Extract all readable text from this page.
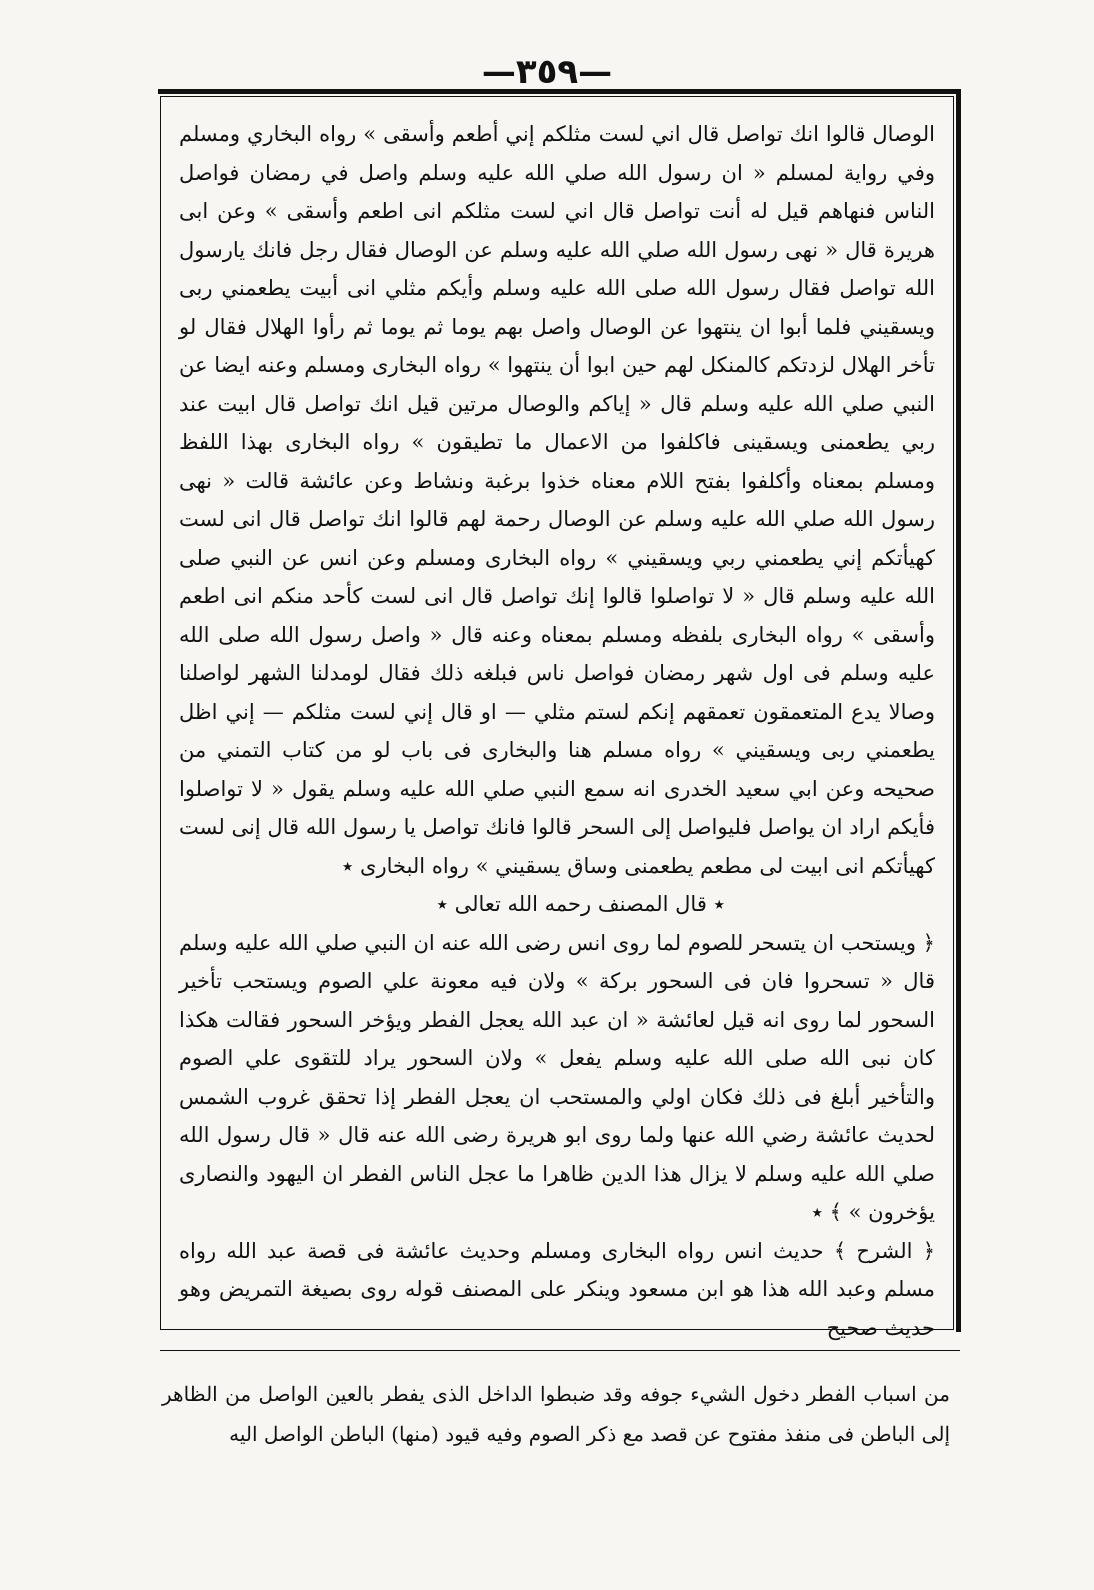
—٣٥٩—

الوصال قالوا انك تواصل قال اني لست مثلكم إني أطعم وأسقى » رواه البخاري ومسلم وفي رواية لمسلم « ان رسول الله صلي الله عليه وسلم واصل في رمضان فواصل الناس فنهاهم قيل له أنت تواصل قال اني لست مثلكم انى اطعم وأسقى » وعن ابى هريرة قال « نهى رسول الله صلي الله عليه وسلم عن الوصال فقال رجل فانك يارسول الله تواصل فقال رسول الله صلى الله عليه وسلم وأيكم مثلي انى أبيت يطعمني ربى ويسقيني فلما أبوا ان ينتهوا عن الوصال واصل بهم يوما ثم يوما ثم رأوا الهلال فقال لو تأخر الهلال لزدتكم كالمنكل لهم حين ابوا أن ينتهوا » رواه البخارى ومسلم وعنه ايضا عن النبي صلي الله عليه وسلم قال « إياكم والوصال مرتين قيل انك تواصل قال ابيت عند ربي يطعمنى ويسقينى فاكلفوا من الاعمال ما تطيقون » رواه البخارى بهذا اللفظ ومسلم بمعناه وأكلفوا بفتح اللام معناه خذوا برغبة ونشاط وعن عائشة قالت « نهى رسول الله صلي الله عليه وسلم عن الوصال رحمة لهم قالوا انك تواصل قال انى لست كهيأتكم إني يطعمني ربي ويسقيني » رواه البخارى ومسلم وعن انس عن النبي صلى الله عليه وسلم قال « لا تواصلوا قالوا إنك تواصل قال انى لست كأحد منكم انى اطعم وأسقى » رواه البخارى بلفظه ومسلم بمعناه وعنه قال « واصل رسول الله صلى الله عليه وسلم فى اول شهر رمضان فواصل ناس فبلغه ذلك فقال لومدلنا الشهر لواصلنا وصالا يدع المتعمقون تعمقهم إنكم لستم مثلي — او قال إني لست مثلكم — إني اظل يطعمني ربى ويسقيني » رواه مسلم هنا والبخارى فى باب لو من كتاب التمني من صحيحه وعن ابي سعيد الخدرى انه سمع النبي صلي الله عليه وسلم يقول « لا تواصلوا فأيكم اراد ان يواصل فليواصل إلى السحر قالوا فانك تواصل يا رسول الله قال إنى لست كهيأتكم انى ابيت لى مطعم يطعمنى وساق يسقيني » رواه البخارى ٭

٭ قال المصنف رحمه الله تعالى ٭

﴿ ويستحب ان يتسحر للصوم لما روى انس رضى الله عنه ان النبي صلي الله عليه وسلم قال « تسحروا فان فى السحور بركة » ولان فيه معونة علي الصوم ويستحب تأخير السحور لما روى انه قيل لعائشة « ان عبد الله يعجل الفطر ويؤخر السحور فقالت هكذا كان نبى الله صلى الله عليه وسلم يفعل » ولان السحور يراد للتقوى علي الصوم والتأخير أبلغ فى ذلك فكان اولي والمستحب ان يعجل الفطر إذا تحقق غروب الشمس لحديث عائشة رضي الله عنها ولما روى ابو هريرة رضى الله عنه قال « قال رسول الله صلي الله عليه وسلم لا يزال هذا الدين ظاهرا ما عجل الناس الفطر ان اليهود والنصارى يؤخرون » ﴾ ٭

﴿ الشرح ﴾ حديث انس رواه البخارى ومسلم وحديث عائشة فى قصة عبد الله رواه مسلم وعبد الله هذا هو ابن مسعود وينكر على المصنف قوله روى بصيغة التمريض وهو حديث صحيح

من اسباب الفطر دخول الشيء جوفه وقد ضبطوا الداخل الذى يفطر بالعين الواصل من الظاهر إلى الباطن فى منفذ مفتوح عن قصد مع ذكر الصوم وفيه قيود (منها) الباطن الواصل اليه
